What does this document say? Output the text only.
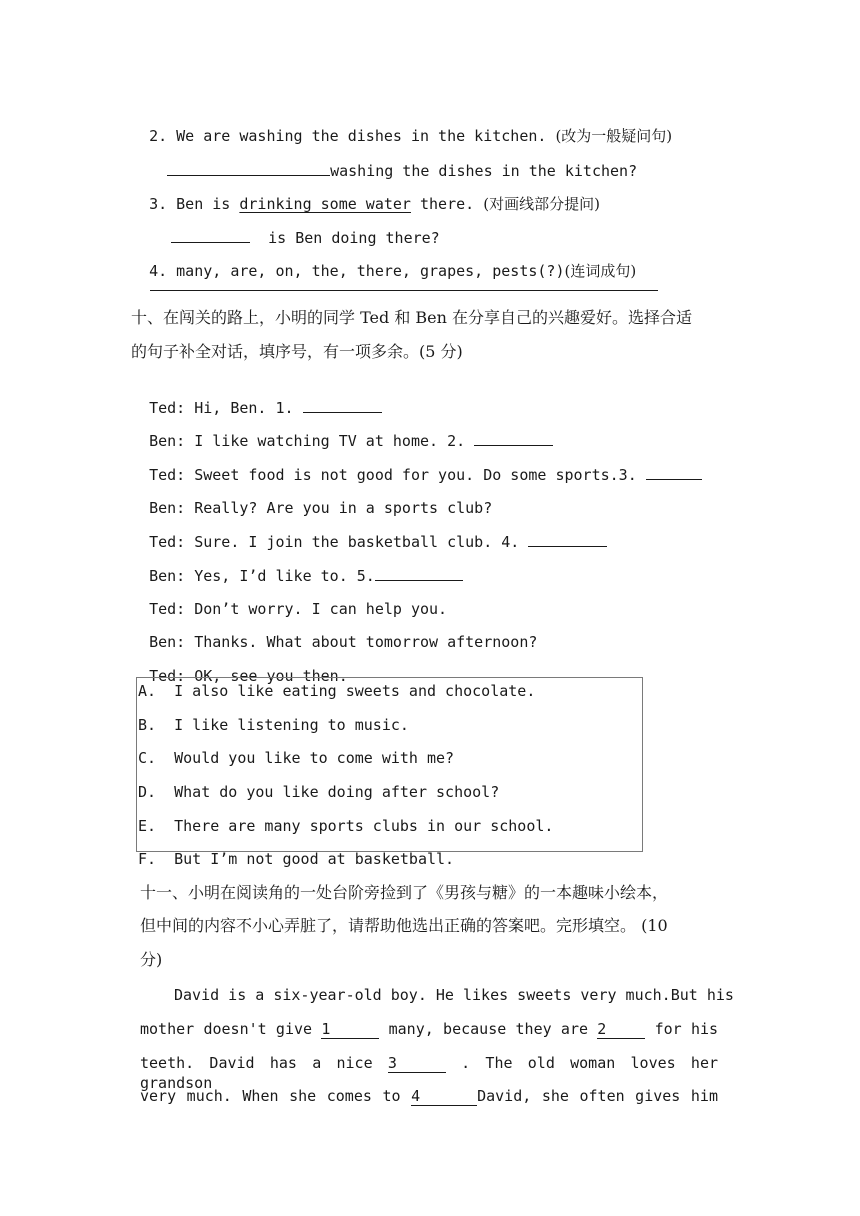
2. We are washing the dishes in the kitchen. (改为一般疑问句)

washing the dishes in the kitchen?

3. Ben is drinking some water there. (对画线部分提问)

is Ben doing there?

4. many, are, on, the, there, grapes, pests(?)(连词成句)

十、在闯关的路上，小明的同学 Ted 和 Ben 在分享自己的兴趣爱好。选择合适
的句子补全对话，填序号，有一项多余。(5 分)

Ted: Hi, Ben. 1.

Ben: I like watching TV at home. 2.

Ted: Sweet food is not good for you. Do some sports.3.

Ben: Really? Are you in a sports club?

Ted: Sure. I join the basketball club. 4.

Ben: Yes, I’d like to. 5.

Ted: Don’t worry. I can help you.

Ben: Thanks. What about tomorrow afternoon?

Ted: OK, see you then.

A.  I also like eating sweets and chocolate.
B.  I like listening to music.
C.  Would you like to come with me?
D.  What do you like doing after school?
E.  There are many sports clubs in our school.
F.  But I’m not good at basketball.
十一、小明在阅读角的一处台阶旁捡到了《男孩与糖》的一本趣味小绘本，
但中间的内容不小心弄脏了，请帮助他选出正确的答案吧。完形填空。 (10
分)
David is a six-year-old boy. He likes sweets very much.But his
mother doesn't give 1	many, because they are 2	for his
teeth. David has a nice 3	. The old woman loves her grandson
very much. When she comes to 4	David, she often gives him
